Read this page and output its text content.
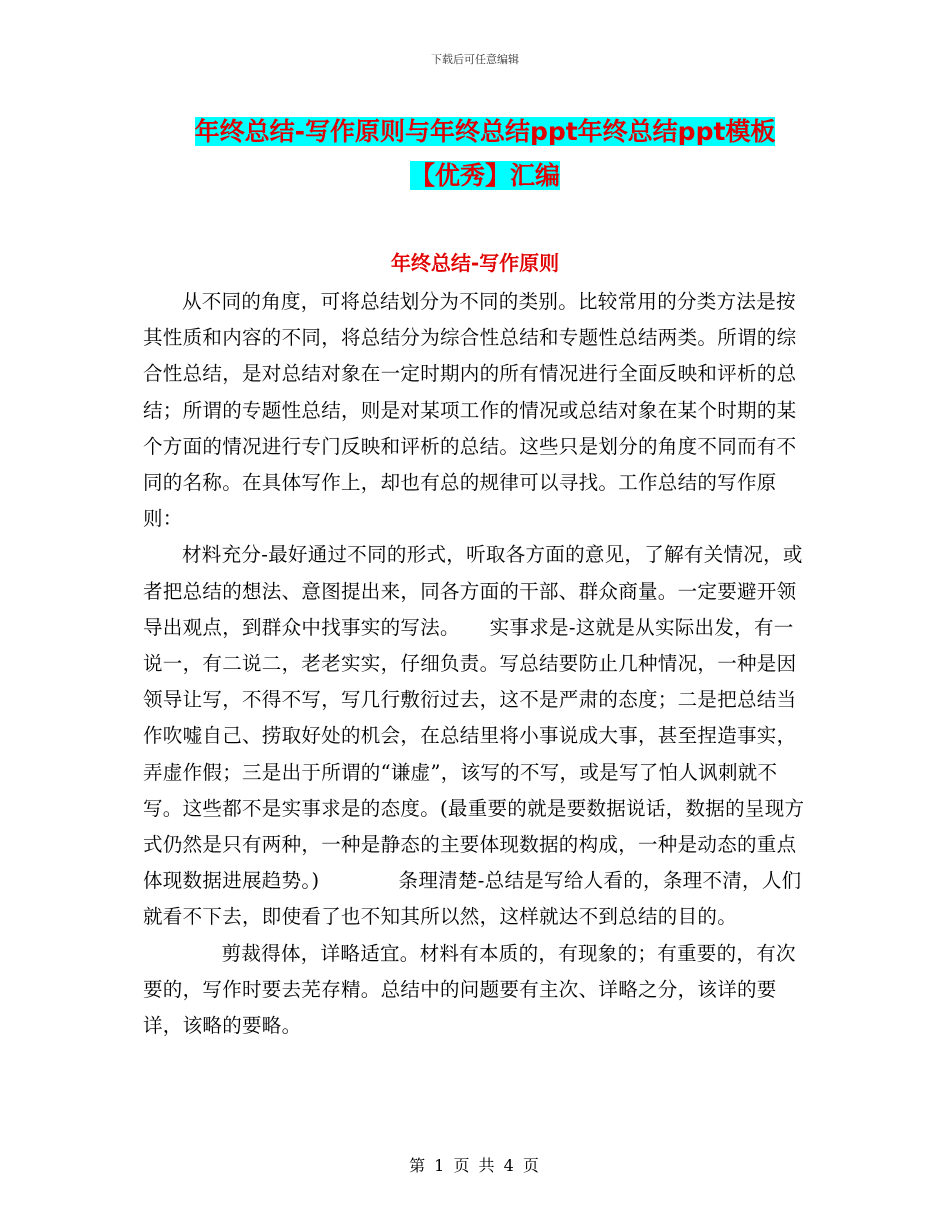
下载后可任意编辑
年终总结-写作原则与年终总结ppt年终总结ppt模板
【优秀】汇编
年终总结-写作原则

从不同的角度，可将总结划分为不同的类别。比较常用的分类方法是按其性质和内容的不同，将总结分为综合性总结和专题性总结两类。所谓的综合性总结，是对总结对象在一定时期内的所有情况进行全面反映和评析的总结；所谓的专题性总结，则是对某项工作的情况或总结对象在某个时期的某个方面的情况进行专门反映和评析的总结。这些只是划分的角度不同而有不同的名称。在具体写作上，却也有总的规律可以寻找。工作总结的写作原则：

材料充分-最好通过不同的形式，听取各方面的意见，了解有关情况，或者把总结的想法、意图提出来，同各方面的干部、群众商量。一定要避开领导出观点，到群众中找事实的写法。　　实事求是-这就是从实际出发，有一说一，有二说二，老老实实，仔细负责。写总结要防止几种情况，一种是因领导让写，不得不写，写几行敷衍过去，这不是严肃的态度；二是把总结当作吹嘘自己、捞取好处的机会，在总结里将小事说成大事，甚至捏造事实，弄虚作假；三是出于所谓的“谦虚”，该写的不写，或是写了怕人讽刺就不写。这些都不是实事求是的态度。(最重要的就是要数据说话，数据的呈现方式仍然是只有两种，一种是静态的主要体现数据的构成，一种是动态的重点体现数据进展趋势。)　　　　条理清楚-总结是写给人看的，条理不清，人们就看不下去，即使看了也不知其所以然，这样就达不到总结的目的。

　　剪裁得体，详略适宜。材料有本质的，有现象的；有重要的，有次要的，写作时要去芜存精。总结中的问题要有主次、详略之分，该详的要详，该略的要略。

第 1 页 共 4 页
